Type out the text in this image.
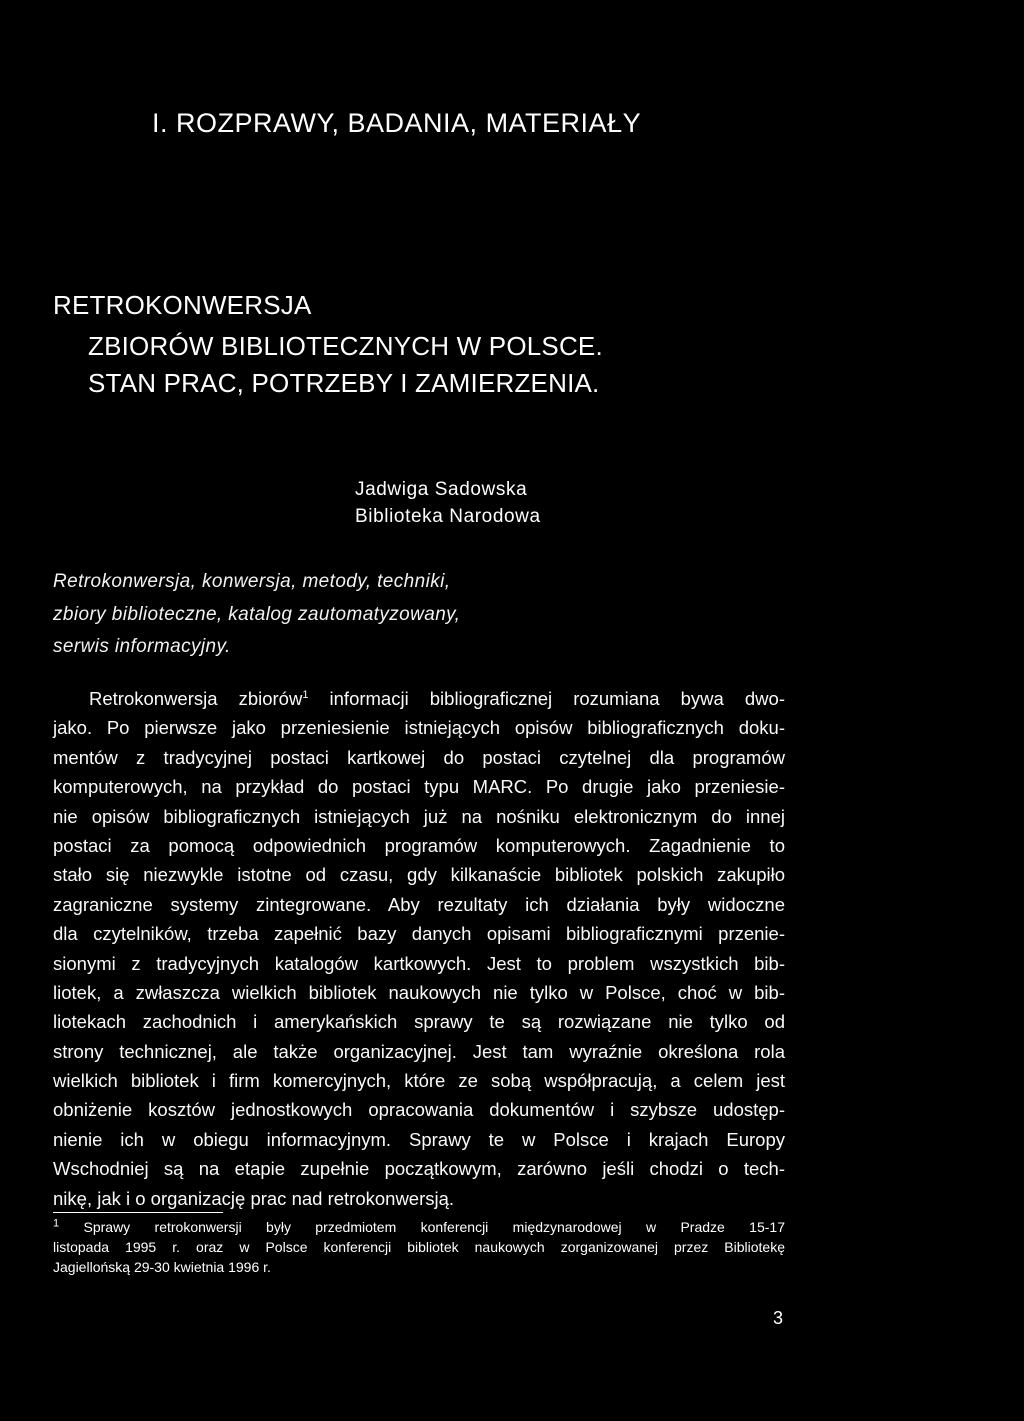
I. ROZPRAWY, BADANIA, MATERIAŁY
RETROKONWERSJA
ZBIORÓW BIBLIOTECZNYCH W POLSCE.
STAN PRAC, POTRZEBY I ZAMIERZENIA.
Jadwiga Sadowska
Biblioteka Narodowa
Retrokonwersja, konwersja, metody, techniki,
zbiory biblioteczne, katalog zautomatyzowany,
serwis informacyjny.
Retrokonwersja zbiorów$^1$ informacji bibliograficznej rozumiana bywa dwo-
jako. Po pierwsze jako przeniesienie istniejących opisów bibliograficznych doku-
mentów z tradycyjnej postaci kartkowej do postaci czytelnej dla programów
komputerowych, na przykład do postaci typu MARC. Po drugie jako przeniesie-
nie opisów bibliograficznych istniejących już na nośniku elektronicznym do innej
postaci za pomocą odpowiednich programów komputerowych. Zagadnienie to
stało się niezwykle istotne od czasu, gdy kilkanaście bibliotek polskich zakupiło
zagraniczne systemy zintegrowane. Aby rezultaty ich działania były widoczne
dla czytelników, trzeba zapełnić bazy danych opisami bibliograficznymi przenie-
sionymi z tradycyjnych katalogów kartkowych. Jest to problem wszystkich bib-
liotek, a zwłaszcza wielkich bibliotek naukowych nie tylko w Polsce, choć w bib-
liotekach zachodnich i amerykańskich sprawy te są rozwiązane nie tylko od
strony technicznej, ale także organizacyjnej. Jest tam wyraźnie określona rola
wielkich bibliotek i firm komercyjnych, które ze sobą współpracują, a celem jest
obniżenie kosztów jednostkowych opracowania dokumentów i szybsze udostęp-
nienie ich w obiegu informacyjnym. Sprawy te w Polsce i krajach Europy
Wschodniej są na etapie zupełnie początkowym, zarówno jeśli chodzi o tech-
nikę, jak i o organizację prac nad retrokonwersją.
$^1$ Sprawy retrokonwersji były przedmiotem konferencji międzynarodowej w Pradze 15-17
listopada 1995 r. oraz w Polsce konferencji bibliotek naukowych zorganizowanej przez Bibliotekę
Jagiellońską 29-30 kwietnia 1996 r.
3
